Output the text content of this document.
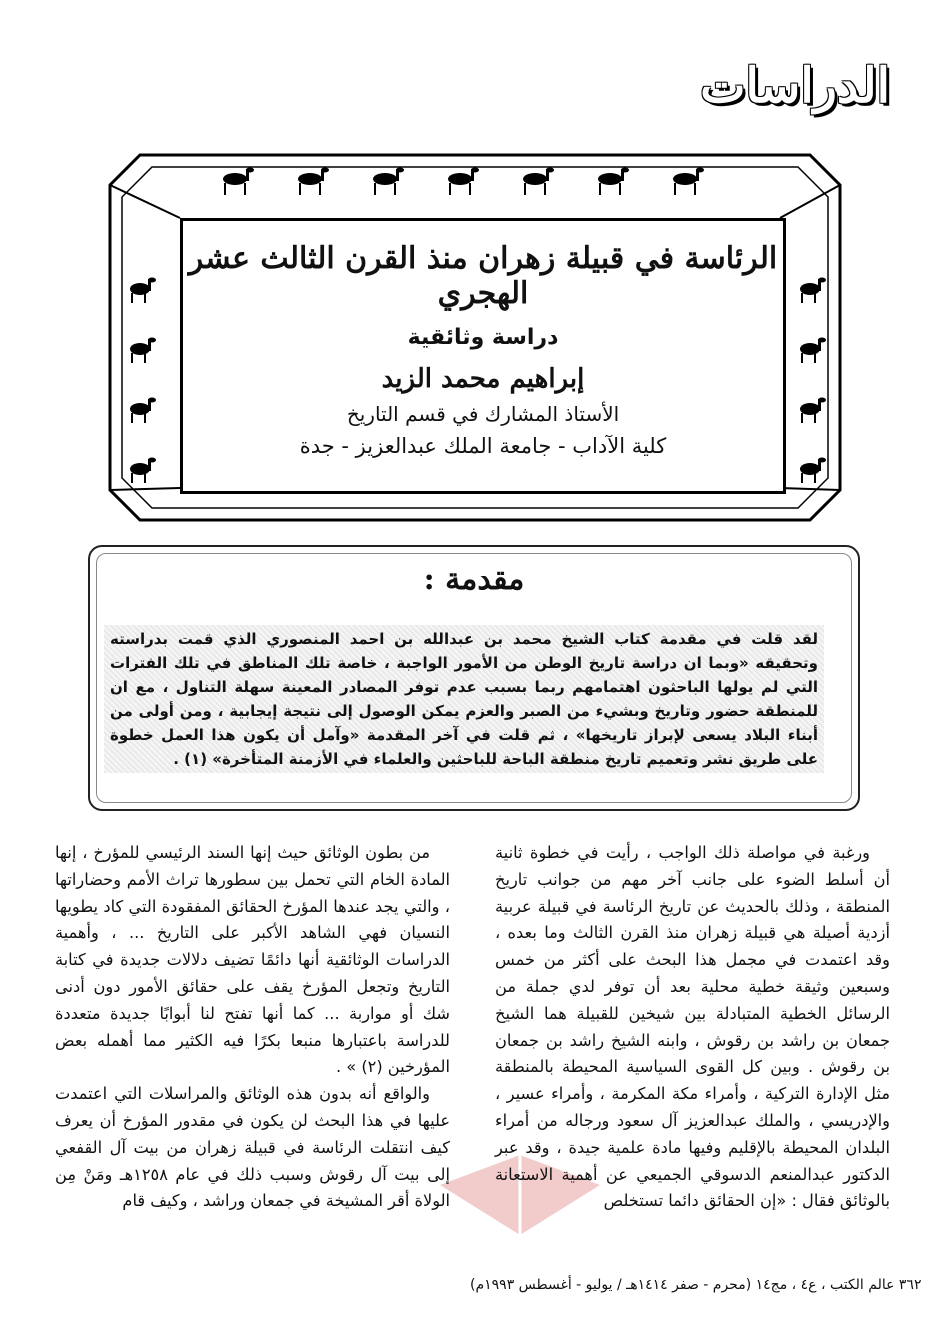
الدراسات
الرئاسة في قبيلة زهران منذ القرن الثالث عشر الهجري
دراسة وثائقية
إبراهيم محمد الزيد
الأستاذ المشارك في قسم التاريخ
كلية الآداب - جامعة الملك عبدالعزيز - جدة
مقدمة :
لقد قلت في مقدمة كتاب الشيخ محمد بن عبدالله بن احمد المنصوري الذي قمت بدراسته وتحقيقه «وبما ان دراسة تاريخ الوطن من الأمور الواجبة ، خاصة تلك المناطق في تلك الفترات التي لم يولها الباحثون اهتمامهم ربما بسبب عدم توفر المصادر المعينة سهلة التناول ، مع ان للمنطقة حضور وتاريخ وبشيء من الصبر والعزم يمكن الوصول إلى نتيجة إيجابية ، ومن أولى من أبناء البلاد يسعى لإبراز تاريخها» ، ثم قلت في آخر المقدمة «وآمل أن يكون هذا العمل خطوة على طريق نشر وتعميم تاريخ منطقة الباحة للباحثين والعلماء في الأزمنة المتأخرة» (١) .

ورغبة في مواصلة ذلك الواجب ، رأيت في خطوة ثانية أن أسلط الضوء على جانب آخر مهم من جوانب تاريخ المنطقة ، وذلك بالحديث عن تاريخ الرئاسة في قبيلة عربية أزدية أصيلة هي قبيلة زهران منذ القرن الثالث وما بعده ، وقد اعتمدت في مجمل هذا البحث على أكثر من خمس وسبعين وثيقة خطية محلية بعد أن توفر لدي جملة من الرسائل الخطية المتبادلة بين شيخين للقبيلة هما الشيخ جمعان بن راشد بن رقوش ، وابنه الشيخ راشد بن جمعان بن رقوش . وبين كل القوى السياسية المحيطة بالمنطقة مثل الإدارة التركية ، وأمراء مكة المكرمة ، وأمراء عسير ، والإدريسي ، والملك عبدالعزيز آل سعود ورجاله من أمراء البلدان المحيطة بالإقليم وفيها مادة علمية جيدة ، وقد عبر الدكتور عبدالمنعم الدسوقي الجميعي عن أهمية الاستعانة بالوثائق فقال : «إن الحقائق دائما تستخلص

من بطون الوثائق حيث إنها السند الرئيسي للمؤرخ ، إنها المادة الخام التي تحمل بين سطورها تراث الأمم وحضاراتها ، والتي يجد عندها المؤرخ الحقائق المفقودة التي كاد يطويها النسيان فهي الشاهد الأكبر على التاريخ ... ، وأهمية الدراسات الوثائقية أنها دائمًا تضيف دلالات جديدة في كتابة التاريخ وتجعل المؤرخ يقف على حقائق الأمور دون أدنى شك أو مواربة ... كما أنها تفتح لنا أبوابًا جديدة متعددة للدراسة باعتبارها منبعا بكرًا فيه الكثير مما أهمله بعض المؤرخين (٢) » .

والواقع أنه بدون هذه الوثائق والمراسلات التي اعتمدت عليها في هذا البحث لن يكون في مقدور المؤرخ أن يعرف كيف انتقلت الرئاسة في قبيلة زهران من بيت آل القفعي إلى بيت آل رقوش وسبب ذلك في عام ١٢٥٨هـ ومَنْ مِن الولاة أقر المشيخة في جمعان وراشد ، وكيف قام

٣٦٢ عالم الكتب ، ع٤ ، مج١٤ (محرم - صفر ١٤١٤هـ / يوليو - أغسطس ١٩٩٣م)
